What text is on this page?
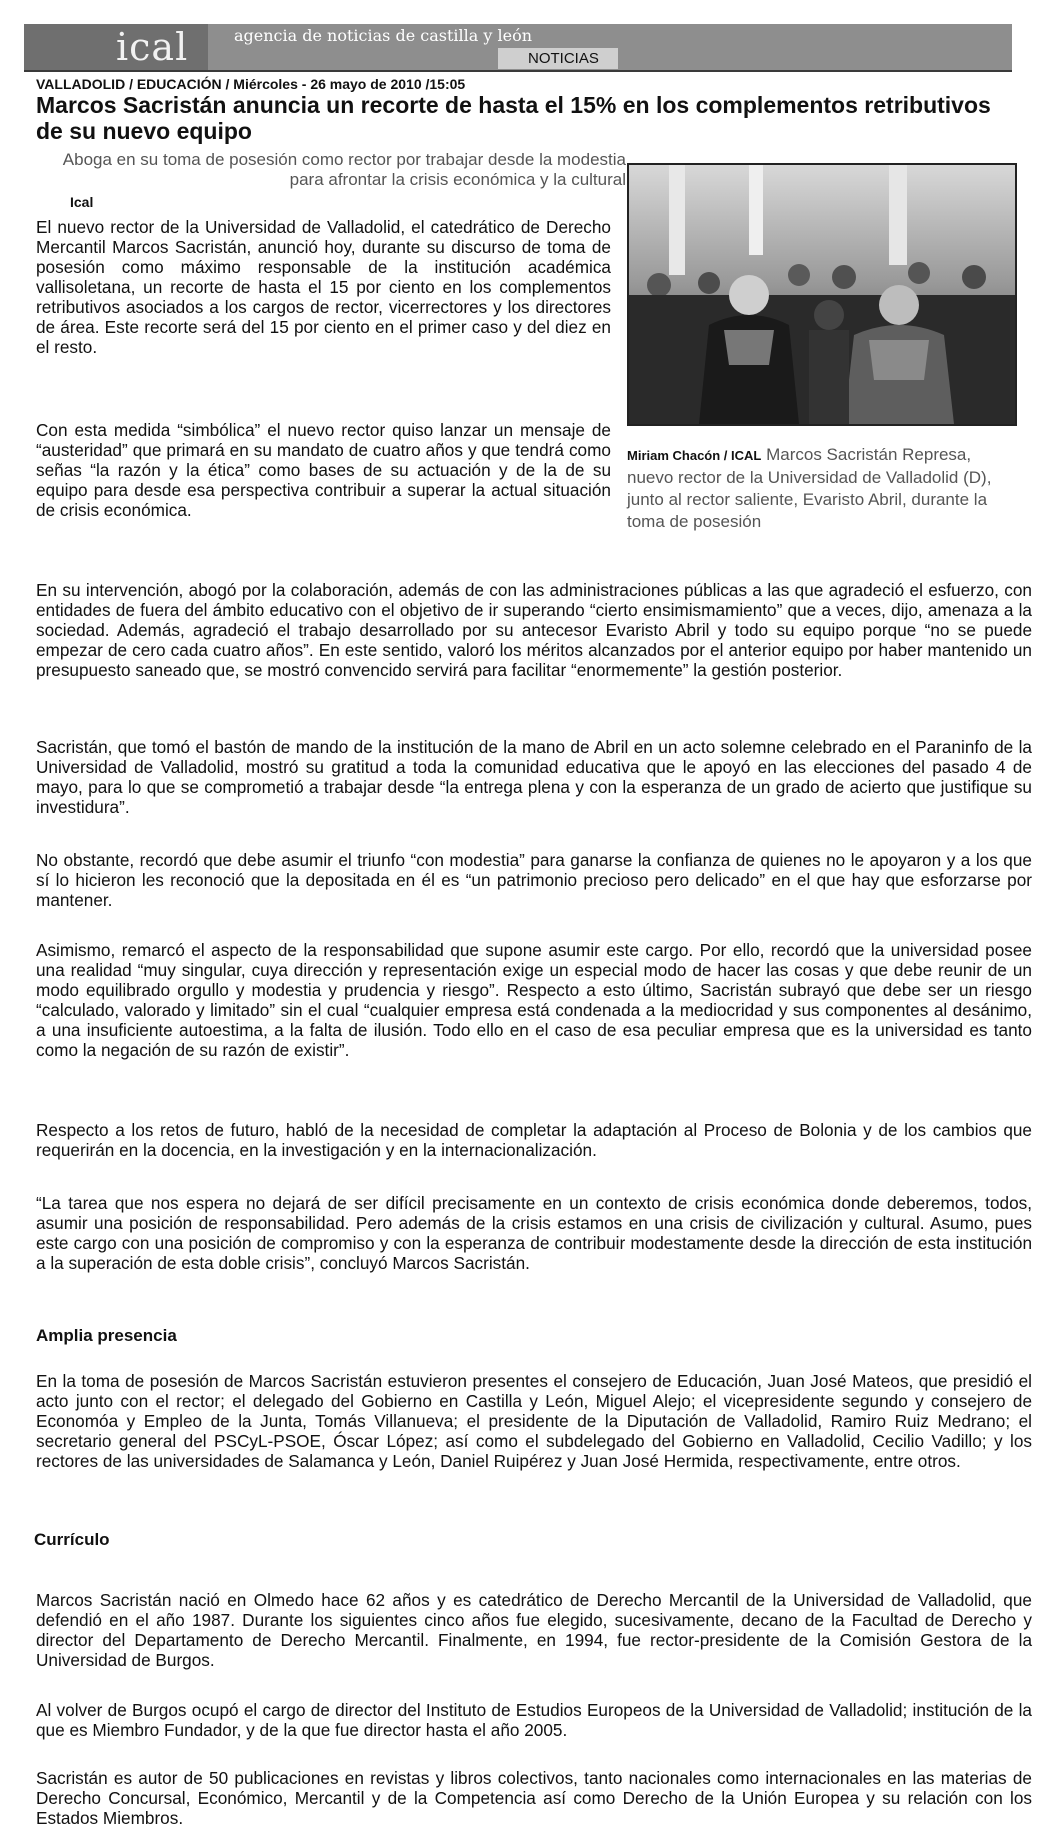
ical	agencia de noticias de castilla y león
NOTICIAS
VALLADOLID / EDUCACIÓN / Miércoles - 26 mayo de 2010 /15:05
Marcos Sacristán anuncia un recorte de hasta el 15% en los complementos retributivos de su nuevo equipo
Aboga en su toma de posesión como rector por trabajar desde la modestia para afrontar la crisis económica y la cultural
Ical
Miriam Chacón / ICAL Marcos Sacristán Represa, nuevo rector de la Universidad de Valladolid (D), junto al rector saliente, Evaristo Abril, durante la toma de posesión
El nuevo rector de la Universidad de Valladolid, el catedrático de Derecho Mercantil Marcos Sacristán, anunció hoy, durante su discurso de toma de posesión como máximo responsable de la institución académica vallisoletana, un recorte de hasta el 15 por ciento en los complementos retributivos asociados a los cargos de rector, vicerrectores y los directores de área. Este recorte será del 15 por ciento en el primer caso y del diez en el resto.
Con esta medida “simbólica” el nuevo rector quiso lanzar un mensaje de “austeridad” que primará en su mandato de cuatro años y que tendrá como señas “la razón y la ética” como bases de su actuación y de la de su equipo para desde esa perspectiva contribuir a superar la actual situación de crisis económica.
En su intervención, abogó por la colaboración, además de con las administraciones públicas a las que agradeció el esfuerzo, con entidades de fuera del ámbito educativo con el objetivo de ir superando “cierto ensimismamiento” que a veces, dijo, amenaza a la sociedad. Además, agradeció el trabajo desarrollado por su antecesor Evaristo Abril y todo su equipo porque “no se puede empezar de cero cada cuatro años”. En este sentido, valoró los méritos alcanzados por el anterior equipo por haber mantenido un presupuesto saneado que, se mostró convencido servirá para facilitar “enormemente” la gestión posterior.
Sacristán, que tomó el bastón de mando de la institución de la mano de Abril en un acto solemne celebrado en el Paraninfo de la Universidad de Valladolid, mostró su gratitud a toda la comunidad educativa que le apoyó en las elecciones del pasado 4 de mayo, para lo que se comprometió a trabajar desde “la entrega plena y con la esperanza de un grado de acierto que justifique su investidura”.
No obstante, recordó que debe asumir el triunfo “con modestia” para ganarse la confianza de quienes no le apoyaron y a los que sí lo hicieron les reconoció que la depositada en él es “un patrimonio precioso pero delicado” en el que hay que esforzarse por mantener.
Asimismo, remarcó el aspecto de la responsabilidad que supone asumir este cargo. Por ello, recordó que la universidad posee una realidad “muy singular, cuya dirección y representación exige un especial modo de hacer las cosas y que debe reunir de un modo equilibrado orgullo y modestia y prudencia y riesgo”. Respecto a esto último, Sacristán subrayó que debe ser un riesgo “calculado, valorado y limitado” sin el cual “cualquier empresa está condenada a la mediocridad y sus componentes al desánimo, a una insuficiente autoestima, a la falta de ilusión. Todo ello en el caso de esa peculiar empresa que es la universidad es tanto como la negación de su razón de existir”.
Respecto a los retos de futuro, habló de la necesidad de completar la adaptación al Proceso de Bolonia y de los cambios que requerirán en la docencia, en la investigación y en la internacionalización.
“La tarea que nos espera no dejará de ser difícil precisamente en un contexto de crisis económica donde deberemos, todos, asumir una posición de responsabilidad. Pero además de la crisis estamos en una crisis de civilización y cultural. Asumo, pues este cargo con una posición de compromiso y con la esperanza de contribuir modestamente desde la dirección de esta institución a la superación de esta doble crisis”, concluyó Marcos Sacristán.
Amplia presencia
En la toma de posesión de Marcos Sacristán estuvieron presentes el consejero de Educación, Juan José Mateos, que presidió el acto junto con el rector; el delegado del Gobierno en Castilla y León, Miguel Alejo; el vicepresidente segundo y consejero de Economóa y Empleo de la Junta, Tomás Villanueva; el presidente de la Diputación de Valladolid, Ramiro Ruiz Medrano; el secretario general del PSCyL-PSOE, Óscar López; así como el subdelegado del Gobierno en Valladolid, Cecilio Vadillo; y los rectores de las universidades de Salamanca y León, Daniel Ruipérez y Juan José Hermida, respectivamente, entre otros.
Currículo
Marcos Sacristán nació en Olmedo hace 62 años y es catedrático de Derecho Mercantil de la Universidad de Valladolid, que defendió en el año 1987. Durante los siguientes cinco años fue elegido, sucesivamente, decano de la Facultad de Derecho y director del Departamento de Derecho Mercantil. Finalmente, en 1994, fue rector-presidente de la Comisión Gestora de la Universidad de Burgos.
Al volver de Burgos ocupó el cargo de director del Instituto de Estudios Europeos de la Universidad de Valladolid; institución de la que es Miembro Fundador, y de la que fue director hasta el año 2005.
Sacristán es autor de 50 publicaciones en revistas y libros colectivos, tanto nacionales como internacionales en las materias de Derecho Concursal, Económico, Mercantil y de la Competencia así como Derecho de la Unión Europea y su relación con los Estados Miembros.
